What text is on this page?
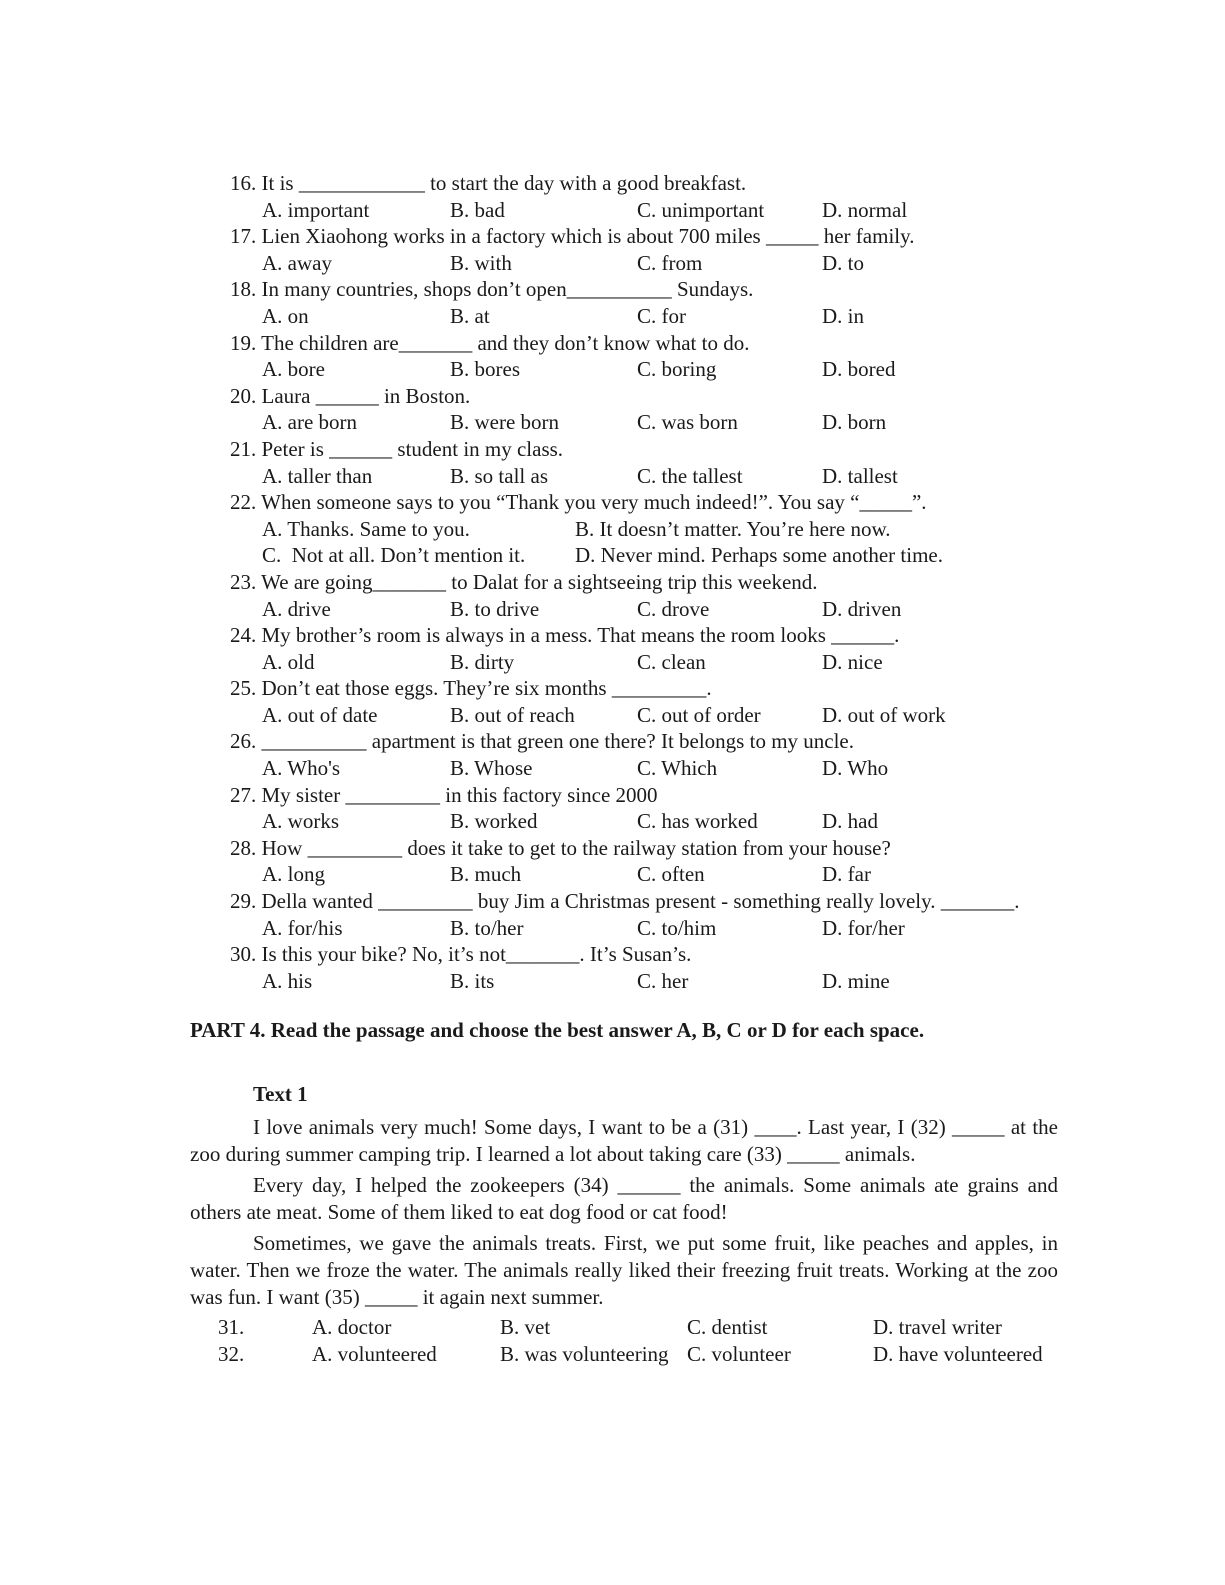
16. It is ____________ to start the day with a good breakfast.
A. important	B. bad	C. unimportant	D. normal
17. Lien Xiaohong works in a factory which is about 700 miles _____ her family.
A. away	B. with	C. from	D. to
18. In many countries, shops don’t open__________ Sundays.
A. on	B. at	C. for	D. in
19. The children are_______ and they don’t know what to do.
A. bore	B. bores	C. boring	D. bored
20. Laura ______ in Boston.
A. are born	B. were born	C. was born	D. born
21. Peter is ______ student in my class.
A. taller than	B. so tall as	C. the tallest	D. tallest
22. When someone says to you “Thank you very much indeed!”. You say “_____”.
A. Thanks. Same to you.	B. It doesn’t matter. You’re here now.
C.  Not at all. Don’t mention it.	D. Never mind. Perhaps some another time.
23. We are going_______ to Dalat for a sightseeing trip this weekend.
A. drive	B. to drive	C. drove	D. driven
24. My brother’s room is always in a mess. That means the room looks ______.
A. old	B. dirty	C. clean	D. nice
25. Don’t eat those eggs. They’re six months _________.
A. out of date	B. out of reach	C. out of order	D. out of work
26. __________ apartment is that green one there? It belongs to my uncle.
A. Who's	B. Whose	C. Which	D. Who
27. My sister _________ in this factory since 2000
A. works	B. worked	C. has worked	D. had
28. How _________ does it take to get to the railway station from your house?
A. long	B. much	C. often	D. far
29. Della wanted _________ buy Jim a Christmas present - something really lovely. _______.
A. for/his	B. to/her	C. to/him	D. for/her
30. Is this your bike? No, it’s not_______. It’s Susan’s.
A. his	B. its	C. her	D. mine
PART 4. Read the passage and choose the best answer A, B, C or D for each space.
Text 1

I love animals very much! Some days, I want to be a (31) ____. Last year, I (32) _____ at the zoo during summer camping trip. I learned a lot about taking care (33) _____ animals.

Every day, I helped the zookeepers (34) ______ the animals. Some animals ate grains and others ate meat. Some of them liked to eat dog food or cat food!

Sometimes, we gave the animals treats. First, we put some fruit, like peaches and apples, in water. Then we froze the water. The animals really liked their freezing fruit treats. Working at the zoo was fun. I want (35) _____ it again next summer.

31.	A. doctor	B. vet	C. dentist	D. travel writer
32.	A. volunteered	B. was volunteering C. volunteer	D. have volunteered
